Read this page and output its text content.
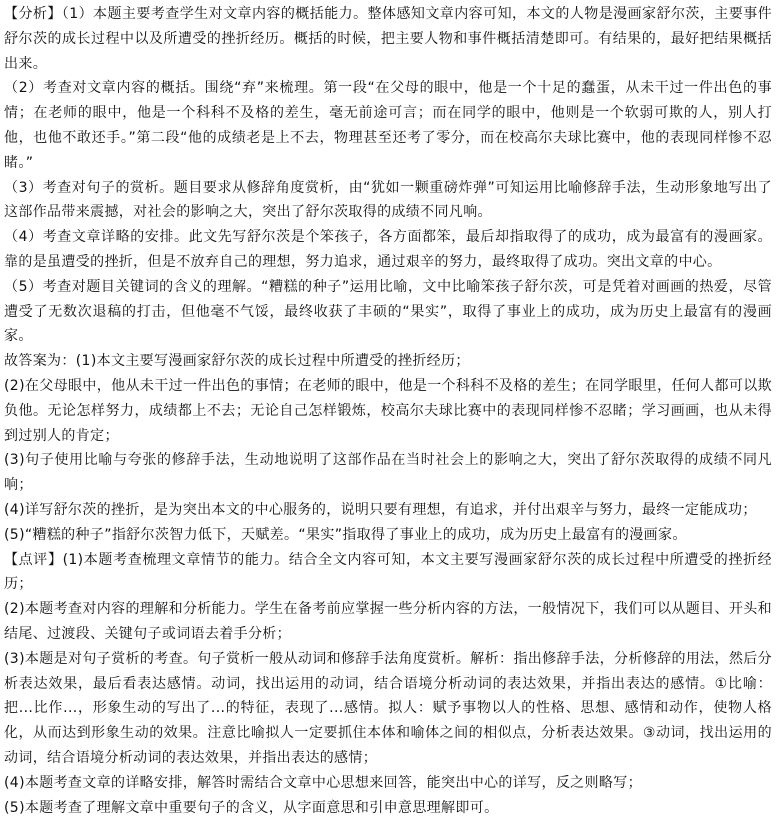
【分析】（1）本题主要考查学生对文章内容的概括能力。整体感知文章内容可知，本文的人物是漫画家舒尔茨，主要事件舒尔茨的成长过程中以及所遭受的挫折经历。概括的时候，把主要人物和事件概括清楚即可。有结果的，最好把结果概括出来。

（2）考查对文章内容的概括。围绕“弃”来梳理。第一段“在父母的眼中，他是一个十足的蠢蛋，从未干过一件出色的事情；在老师的眼中，他是一个科科不及格的差生，毫无前途可言；而在同学的眼中，他则是一个软弱可欺的人，别人打他，也他不敢还手。”第二段“他的成绩老是上不去，物理甚至还考了零分，而在校高尔夫球比赛中，他的表现同样惨不忍睹。”

（3）考查对句子的赏析。题目要求从修辞角度赏析，由“犹如一颗重磅炸弹”可知运用比喻修辞手法，生动形象地写出了这部作品带来震撼，对社会的影响之大，突出了舒尔茨取得的成绩不同凡响。

（4）考查文章详略的安排。此文先写舒尔茨是个笨孩子，各方面都笨，最后却指取得了的成功，成为最富有的漫画家。靠的是虽遭受的挫折，但是不放弃自己的理想，努力追求，通过艰辛的努力，最终取得了成功。突出文章的中心。

（5）考查对题目关键词的含义的理解。“糟糕的种子”运用比喻，文中比喻笨孩子舒尔茨，可是凭着对画画的热爱，尽管遭受了无数次退稿的打击，但他毫不气馁，最终收获了丰硕的“果实”，取得了事业上的成功，成为历史上最富有的漫画家。

故答案为：(1)本文主要写漫画家舒尔茨的成长过程中所遭受的挫折经历；

(2)在父母眼中，他从未干过一件出色的事情；在老师的眼中，他是一个科科不及格的差生；在同学眼里，任何人都可以欺负他。无论怎样努力，成绩都上不去；无论自己怎样锻炼，校高尔夫球比赛中的表现同样惨不忍睹；学习画画，也从未得到过别人的肯定；

(3)句子使用比喻与夸张的修辞手法，生动地说明了这部作品在当时社会上的影响之大，突出了舒尔茨取得的成绩不同凡响；

(4)详写舒尔茨的挫折，是为突出本文的中心服务的，说明只要有理想，有追求，并付出艰辛与努力，最终一定能成功；

(5)“糟糕的种子”指舒尔茨智力低下，天赋差。“果实”指取得了事业上的成功，成为历史上最富有的漫画家。

【点评】(1)本题考查梳理文章情节的能力。结合全文内容可知，本文主要写漫画家舒尔茨的成长过程中所遭受的挫折经历；

(2)本题考查对内容的理解和分析能力。学生在备考前应掌握一些分析内容的方法，一般情况下，我们可以从题目、开头和结尾、过渡段、关键句子或词语去着手分析；

(3)本题是对句子赏析的考查。句子赏析一般从动词和修辞手法角度赏析。解析：指出修辞手法，分析修辞的用法，然后分析表达效果，最后看表达感情。动词，找出运用的动词，结合语境分析动词的表达效果，并指出表达的感情。①比喻：把...比作...，形象生动的写出了...的特征，表现了...感情。拟人：赋予事物以人的性格、思想、感情和动作，使物人格化，从而达到形象生动的效果。注意比喻拟人一定要抓住本体和喻体之间的相似点，分析表达效果。③动词，找出运用的动词，结合语境分析动词的表达效果，并指出表达的感情；

(4)本题考查文章的详略安排，解答时需结合文章中心思想来回答，能突出中心的详写，反之则略写；

(5)本题考查了理解文章中重要句子的含义，从字面意思和引申意思理解即可。
